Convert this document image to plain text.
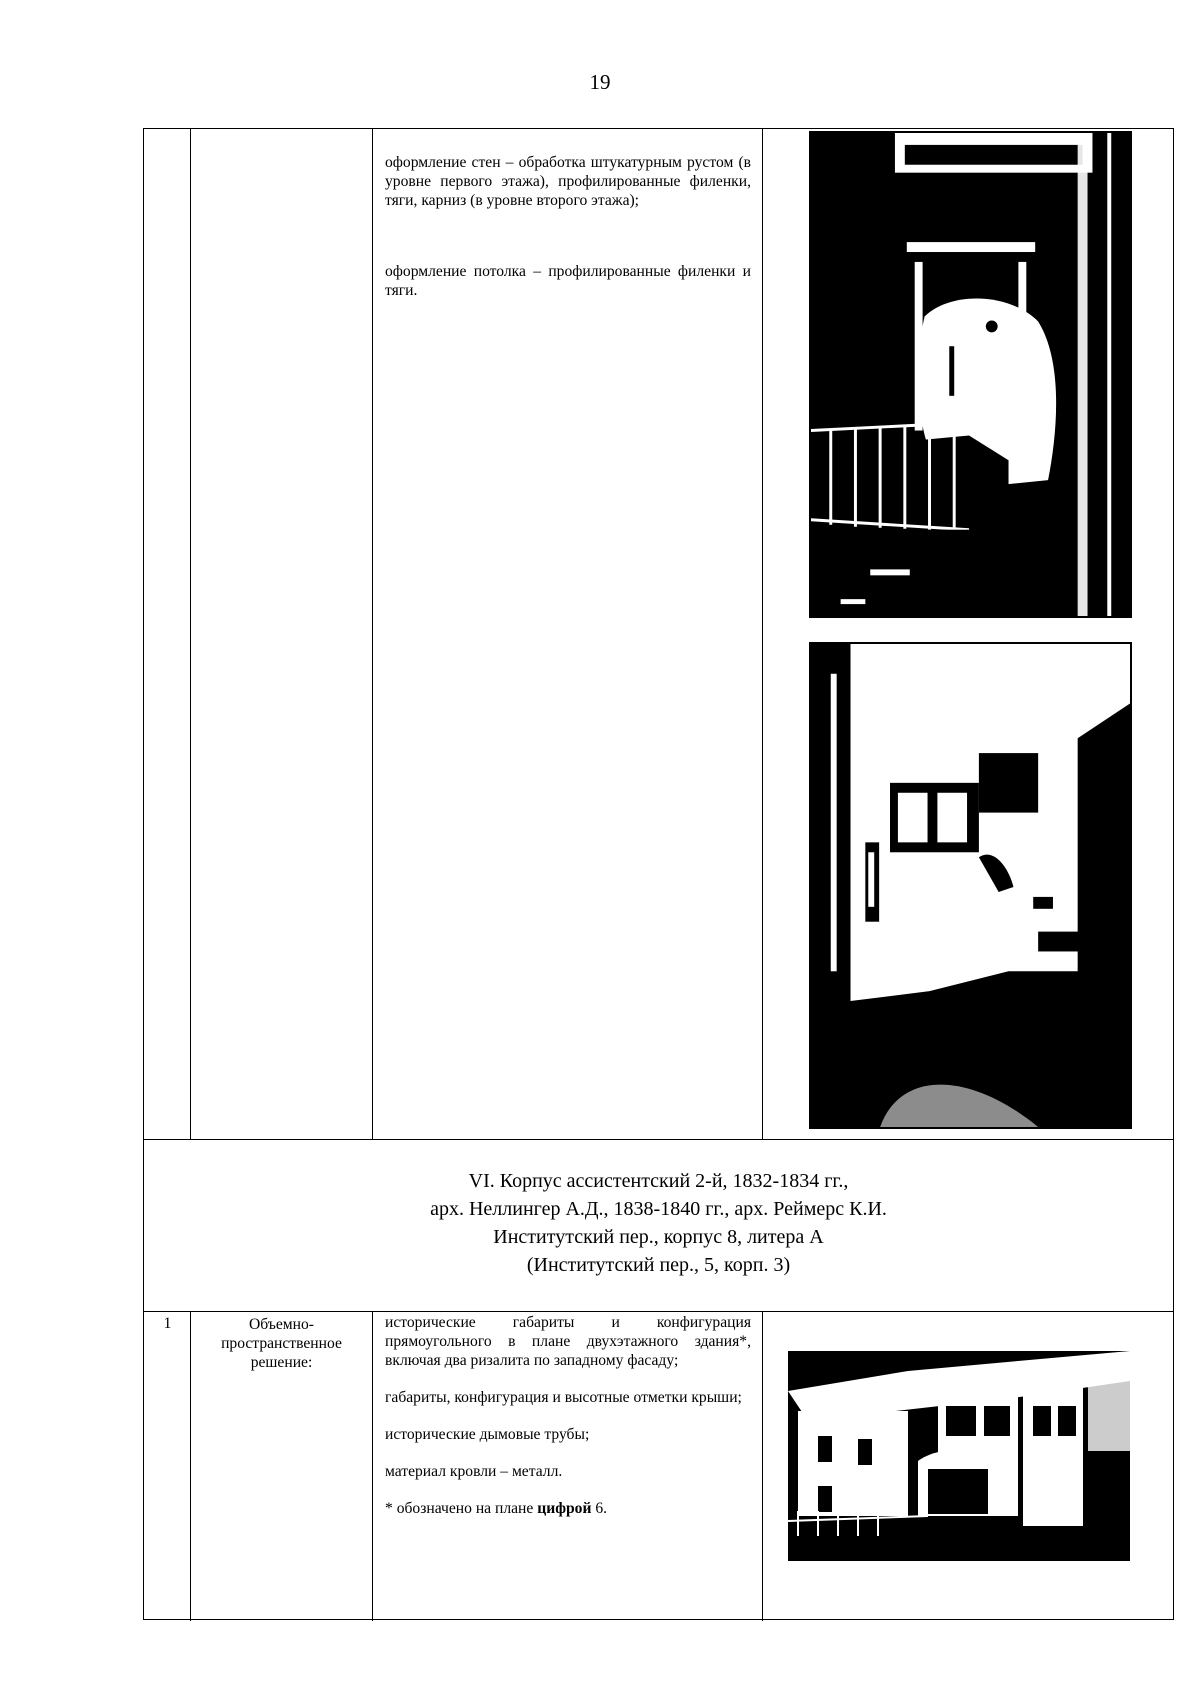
19

оформление стен – обработка штукатурным рустом (в уровне первого этажа), профилированные филенки, тяги, карниз (в уровне второго этажа);

оформление потолка – профилированные филенки и тяги.

VI. Корпус ассистентский 2-й, 1832-1834 гг.,
арх. Неллингер А.Д., 1838-1840 гг., арх. Реймерс К.И.
Институтский пер., корпус 8, литера А
(Институтский пер., 5, корп. 3)
1	Объемно-пространственное решение:

исторические габариты и конфигурация прямоугольного в плане двухэтажного здания*, включая два ризалита по западному фасаду;

габариты, конфигурация и высотные отметки крыши;

исторические дымовые трубы;

материал кровли – металл.

* обозначено на плане цифрой 6.
